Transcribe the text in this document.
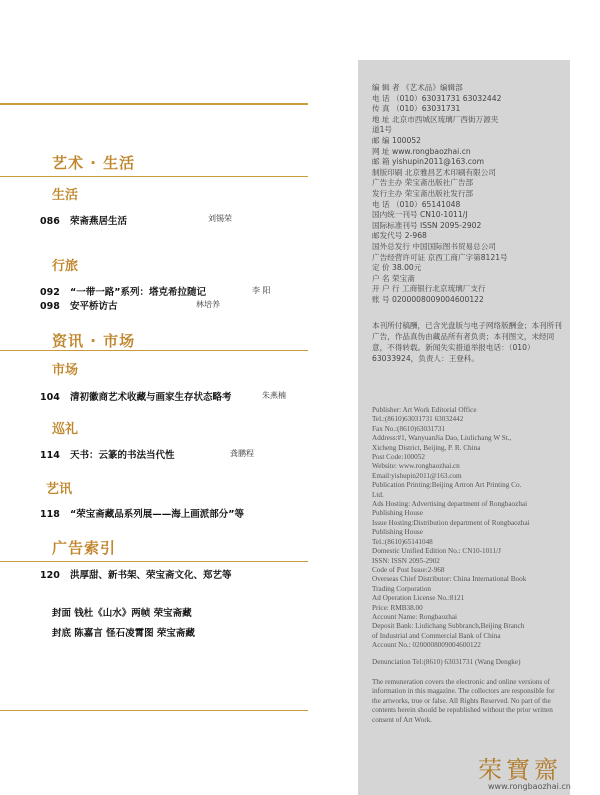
艺术 · 生活
生活
086 荣斋燕居生活	刘锡荣
行旅
092 “一带一路”系列：塔克希拉随记	李 阳
098 安平桥访古	林培养
资讯 · 市场
市场
104 清初徽商艺术收藏与画家生存状态略考	朱燕楠
巡礼
114 天书：云篆的书法当代性	龚鹏程
艺讯
118 “荣宝斋藏品系列展——海上画派部分”等
广告索引
120 洪厚甜、新书架、荣宝斋文化、郑艺等
封面 钱杜《山水》两帧 荣宝斋藏
封底 陈嘉言 怪石凌霄图 荣宝斋藏
编 辑 者 《艺术品》编辑部
电 话 （010）63031731 63032442
传 真 （010）63031731
地 址 北京市西城区琉璃厂西街万源夹
道1号
邮 编 100052
网 址 www.rongbaozhai.cn
邮 箱 yishupin2011@163.com
制版印刷 北京雅昌艺术印刷有限公司
广告主办 荣宝斋出版社广告部
发行主办 荣宝斋出版社发行部
电 话 （010）65141048
国内统一刊号 CN10-1011/J
国际标准刊号 ISSN 2095-2902
邮发代号 2-968
国外总发行 中国国际图书贸易总公司
广告经营许可证 京西工商广字第8121号
定 价 38.00元
户 名 荣宝斋
开 户 行 工商银行北京琉璃厂支行
账 号 0200008009004600122
本刊所付稿酬，已含光盘版与电子网络版酬金；本刊所刊广告，作品真伪由藏品所有者负责；本刊图文，未经同意，不得转载。新闻失实措道举报电话：（010）63033924，负责人：王登科。
Publisher: Art Work Editorial Office
Tel.:(8610)63031731 63032442
Fax No.:(8610)63031731
Address:#1, WanyuanJia Dao, Liulichang W St.,
Xicheng District, Beijing, P. R. China
Post Code:100052
Website: www.rongbaozhai.cn
Email:yishupin2011@163.com
Publication Printing:Beijing Artron Art Printing Co.
Ltd.
Ads Hosting: Advertising department of Rongbaozhai
Publishing House
Issue Hosting:Distribution department of Rongbaozhai
Publishing House
Tel.:(8610)65141048
Domestic Unified Edition No.: CN10-1011/J
ISSN: ISSN 2095-2902
Code of Post Issue:2-968
Overseas Chief Distributor: China International Book
Trading Corporation
Ad Operation License No.:8121
Price: RMB38.00
Account Name: Rongbaozhai
Deposit Bank: Liulichang Subbranch,Beijing Branch
of Industrial and Commercial Bank of China
Account No.: 0200008009004600122
Denunciation Tel:(8610) 63031731 (Wang Dengke)
The remuneration covers the electronic and online versions of information in this magazine. The collectors are responsible for the artworks, true or false. All Rights Reserved. No part of the contents herein should be republished without the prior written consent of Art Work.
荣寶齋
www.rongbaozhai.cn
